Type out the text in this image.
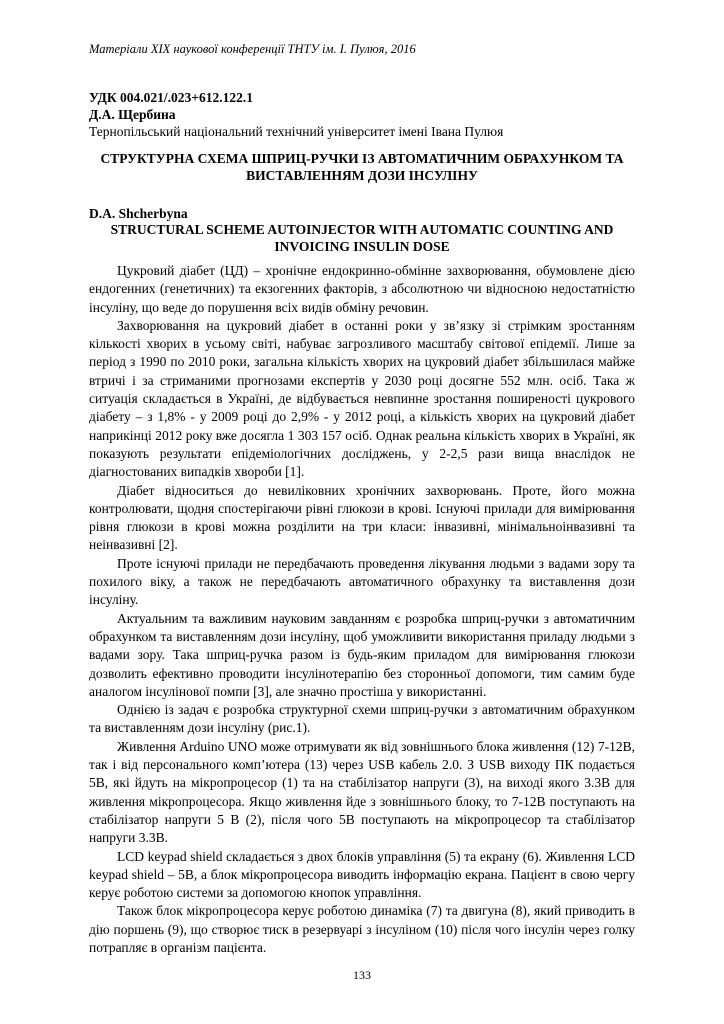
Матеріали XIX наукової конференції ТНТУ ім. І. Пулюя, 2016
УДК 004.021/.023+612.122.1
Д.А. Щербина
Тернопільський національний технічний університет імені Івана Пулюя
СТРУКТУРНА СХЕМА ШПРИЦ-РУЧКИ ІЗ АВТОМАТИЧНИМ ОБРАХУНКОМ ТА ВИСТАВЛЕННЯМ ДОЗИ ІНСУЛІНУ
D.A. Shcherbyna
STRUCTURAL SCHEME AUTOINJECTOR WITH AUTOMATIC COUNTING AND INVOICING INSULIN DOSE

Цукровий діабет (ЦД) – хронічне ендокринно-обмінне захворювання, обумовлене дією ендогенних (генетичних) та екзогенних факторів, з абсолютною чи відносною недостатністю інсуліну, що веде до порушення всіх видів обміну речовин.

Захворювання на цукровий діабет в останні роки у зв’язку зі стрімким зростанням кількості хворих в усьому світі, набуває загрозливого масштабу світової епідемії. Лише за період з 1990 по 2010 роки, загальна кількість хворих на цукровий діабет збільшилася майже втричі і за стриманими прогнозами експертів у 2030 році досягне 552 млн. осіб. Така ж ситуація складається в Україні, де відбувається невпинне зростання поширеності цукрового діабету – з 1,8% - у 2009 році до 2,9% - у 2012 році, а кількість хворих на цукровий діабет наприкінці 2012 року вже досягла 1 303 157 осіб. Однак реальна кількість хворих в Україні, як показують результати епідеміологічних досліджень, у 2-2,5 рази вища внаслідок не діагностованих випадків хвороби [1].

Діабет відноситься до невиліковних хронічних захворювань. Проте, його можна контролювати, щодня спостерігаючи рівні глюкози в крові. Існуючі прилади для вимірювання рівня глюкози в крові можна розділити на три класи: інвазивні, мінімальноінвазивні та неінвазивні [2].

Проте існуючі прилади не передбачають проведення лікування людьми з вадами зору та похилого віку, а також не передбачають автоматичного обрахунку та виставлення дози інсуліну.

Актуальним та важливим науковим завданням є розробка шприц-ручки з автоматичним обрахунком та виставленням дози інсуліну, щоб уможливити використання приладу людьми з вадами зору. Така шприц-ручка разом із будь-яким приладом для вимірювання глюкози дозволить ефективно проводити інсулінотерапію без сторонньої допомоги, тим самим буде аналогом інсулінової помпи [3], але значно простіша у використанні.

Однією із задач є розробка структурної схеми шприц-ручки з автоматичним обрахунком та виставленням дози інсуліну (рис.1).

Живлення Arduino UNO може отримувати як від зовнішнього блока живлення (12) 7-12В, так і від персонального комп’ютера (13) через USB кабель 2.0. З USB виходу ПК подається 5В, які йдуть на мікропроцесор (1) та на стабілізатор напруги (3), на виході якого 3.3В для живлення мікропроцесора. Якщо живлення йде з зовнішнього блоку, то 7-12В поступають на стабілізатор напруги 5 В (2), після чого 5В поступають на мікропроцесор та стабілізатор напруги 3.3В.

LCD keypad shield складається з двох блоків управління (5) та екрану (6). Живлення LCD keypad shield – 5В, а блок мікропроцесора виводить інформацію екрана. Пацієнт в свою чергу керує роботою системи за допомогою кнопок управління.

Також блок мікропроцесора керує роботою динаміка (7) та двигуна (8), який приводить в дію поршень (9), що створює тиск в резервуарі з інсуліном (10) після чого інсулін через голку потрапляє в організм пацієнта.

133
